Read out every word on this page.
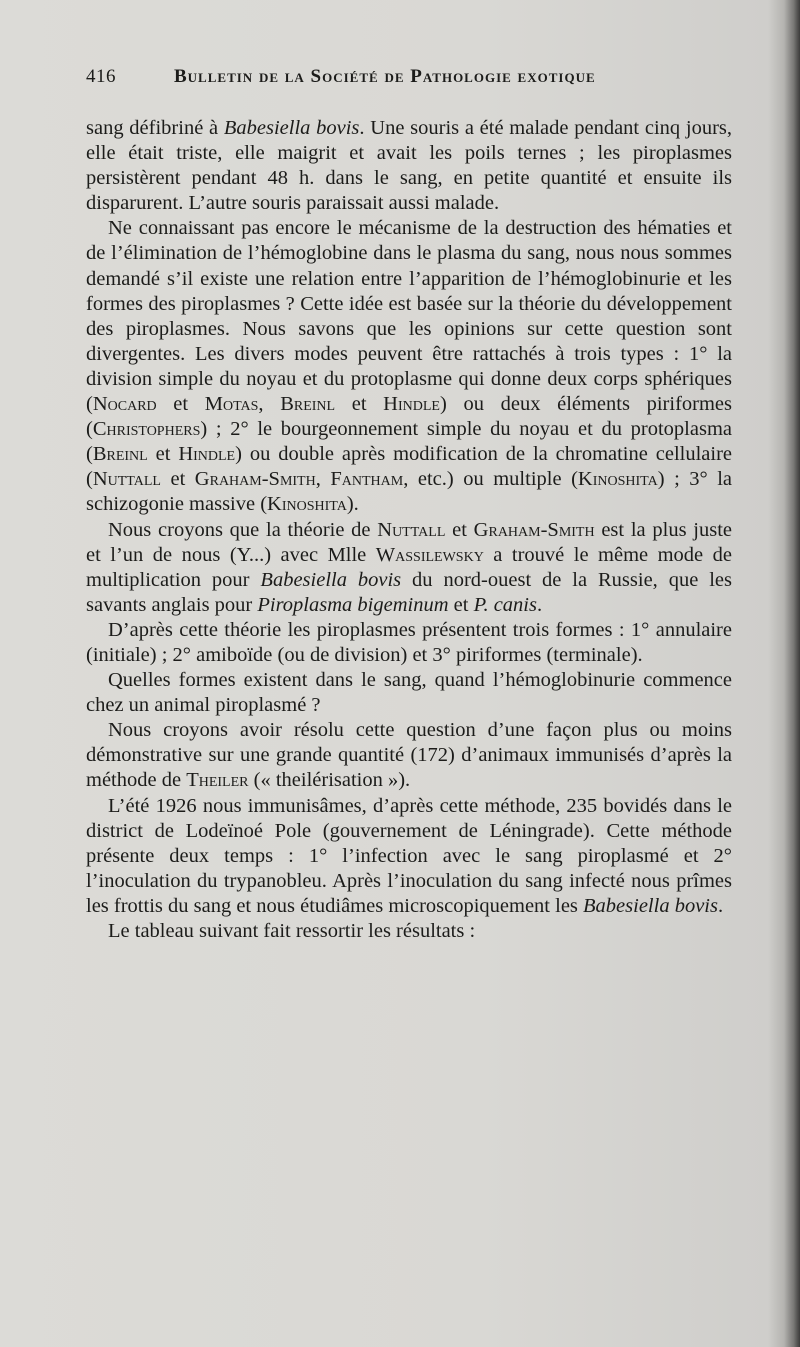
416	Bulletin de la Société de Pathologie exotique

sang défibriné à Babesiella bovis. Une souris a été malade pendant cinq jours, elle était triste, elle maigrit et avait les poils ternes ; les piroplasmes persistèrent pendant 48 h. dans le sang, en petite quantité et ensuite ils disparurent. L’autre souris paraissait aussi malade.

Ne connaissant pas encore le mécanisme de la destruction des hématies et de l’élimination de l’hémoglobine dans le plasma du sang, nous nous sommes demandé s’il existe une relation entre l’apparition de l’hémoglobinurie et les formes des piroplasmes ? Cette idée est basée sur la théorie du développement des piroplasmes. Nous savons que les opinions sur cette question sont divergentes. Les divers modes peuvent être rattachés à trois types : 1° la division simple du noyau et du protoplasme qui donne deux corps sphériques (Nocard et Motas, Breinl et Hindle) ou deux éléments piriformes (Christophers) ; 2° le bourgeonnement simple du noyau et du protoplasma (Breinl et Hindle) ou double après modification de la chromatine cellulaire (Nuttall et Graham-Smith, Fantham, etc.) ou multiple (Kinoshita) ; 3° la schizogonie massive (Kinoshita).

Nous croyons que la théorie de Nuttall et Graham-Smith est la plus juste et l’un de nous (Y...) avec Mlle Wassilewsky a trouvé le même mode de multiplication pour Babesiella bovis du nord-ouest de la Russie, que les savants anglais pour Piroplasma bigeminum et P. canis.

D’après cette théorie les piroplasmes présentent trois formes : 1° annulaire (initiale) ; 2° amiboïde (ou de division) et 3° piriformes (terminale).

Quelles formes existent dans le sang, quand l’hémoglobinurie commence chez un animal piroplasmé ?

Nous croyons avoir résolu cette question d’une façon plus ou moins démonstrative sur une grande quantité (172) d’animaux immunisés d’après la méthode de Theiler (« theilérisation »).

L’été 1926 nous immunisâmes, d’après cette méthode, 235 bovidés dans le district de Lodeïnoé Pole (gouvernement de Léningrade). Cette méthode présente deux temps : 1° l’infection avec le sang piroplasmé et 2° l’inoculation du trypanobleu. Après l’inoculation du sang infecté nous prîmes les frottis du sang et nous étudiâmes microscopiquement les Babesiella bovis.

Le tableau suivant fait ressortir les résultats :
